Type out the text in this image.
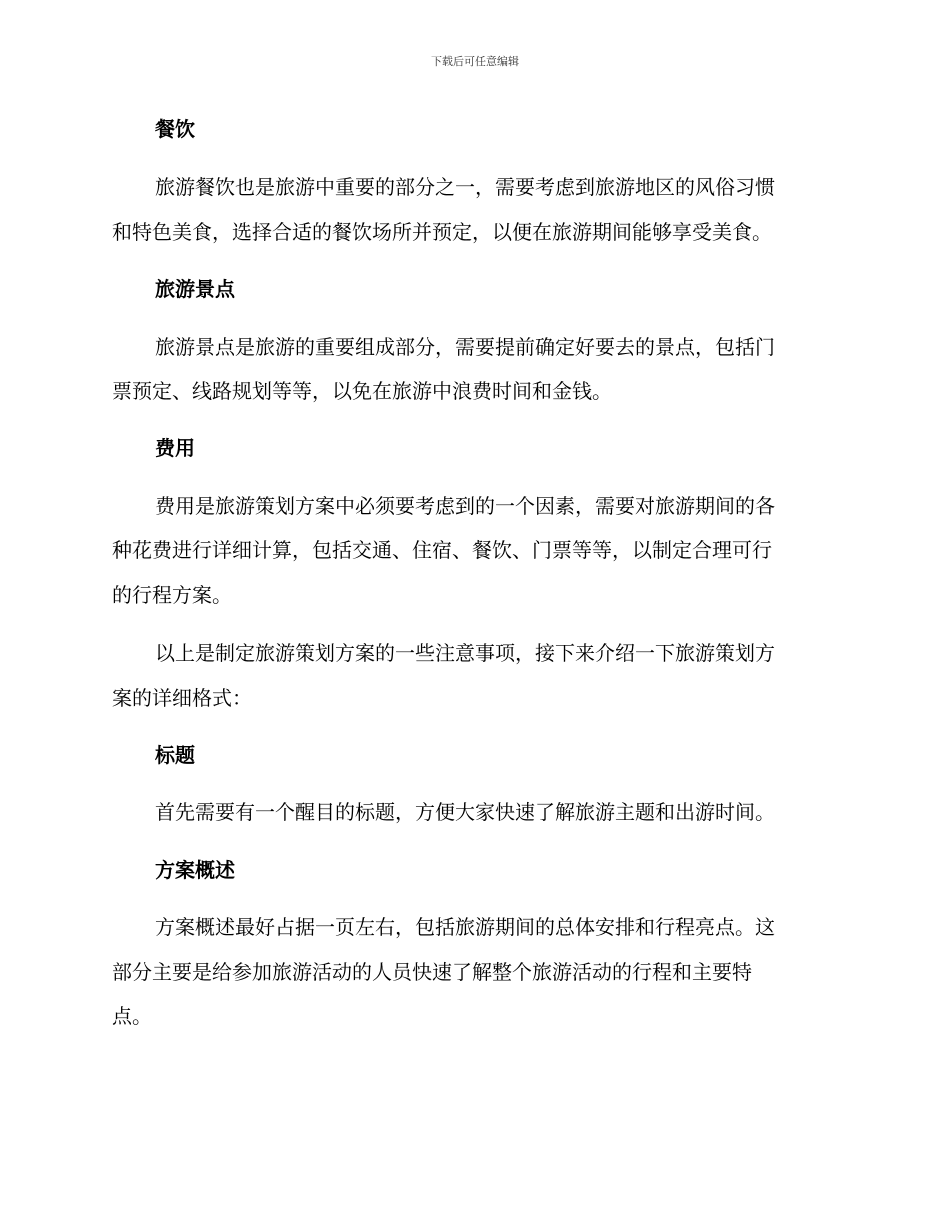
下载后可任意编辑
餐饮
旅游餐饮也是旅游中重要的部分之一，需要考虑到旅游地区的风俗习惯
和特色美食，选择合适的餐饮场所并预定，以便在旅游期间能够享受美食。
旅游景点
旅游景点是旅游的重要组成部分，需要提前确定好要去的景点，包括门
票预定、线路规划等等，以免在旅游中浪费时间和金钱。
费用
费用是旅游策划方案中必须要考虑到的一个因素，需要对旅游期间的各
种花费进行详细计算，包括交通、住宿、餐饮、门票等等，以制定合理可行
的行程方案。
以上是制定旅游策划方案的一些注意事项，接下来介绍一下旅游策划方
案的详细格式：
标题
首先需要有一个醒目的标题，方便大家快速了解旅游主题和出游时间。
方案概述
方案概述最好占据一页左右，包括旅游期间的总体安排和行程亮点。这
部分主要是给参加旅游活动的人员快速了解整个旅游活动的行程和主要特
点。
